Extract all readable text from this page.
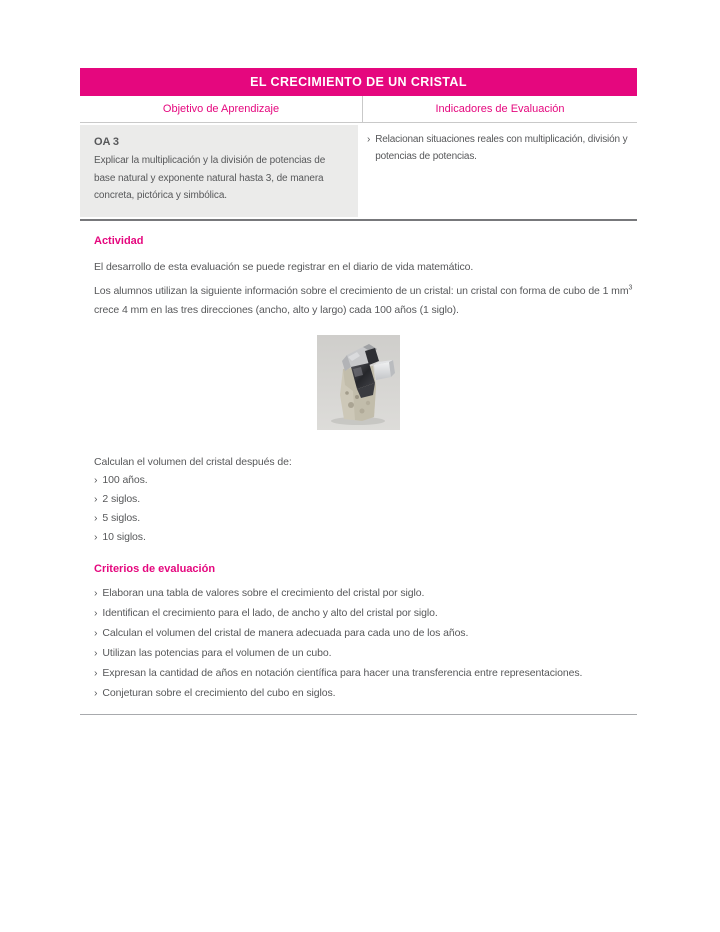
EL CRECIMIENTO DE UN CRISTAL
Objetivo de Aprendizaje	Indicadores de Evaluación
OA 3
Explicar la multiplicación y la división de potencias de base natural y exponente natural hasta 3, de manera concreta, pictórica y simbólica.
› Relacionan situaciones reales con multiplicación, división y potencias de potencias.
Actividad

El desarrollo de esta evaluación se puede registrar en el diario de vida matemático.

Los alumnos utilizan la siguiente información sobre el crecimiento de un cristal: un cristal con forma de cubo de 1 $mm^3$ crece 4 mm en las tres direcciones (ancho, alto y largo) cada 100 años (1 siglo).

Calculan el volumen del cristal después de:
› 100 años.
› 2 siglos.
› 5 siglos.
› 10 siglos.
Criterios de evaluación
› Elaboran una tabla de valores sobre el crecimiento del cristal por siglo.
› Identifican el crecimiento para el lado, de ancho y alto del cristal por siglo.
› Calculan el volumen del cristal de manera adecuada para cada uno de los años.
› Utilizan las potencias para el volumen de un cubo.
› Expresan la cantidad de años en notación científica para hacer una transferencia entre representaciones.
› Conjeturan sobre el crecimiento del cubo en siglos.
